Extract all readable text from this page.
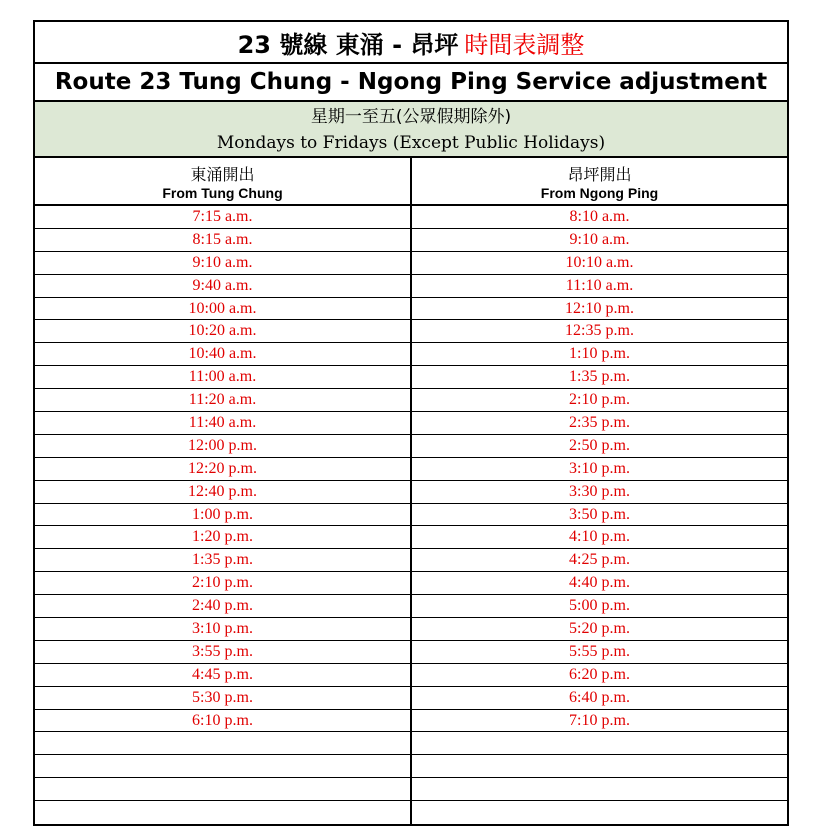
23 號線 東涌 - 昂坪 時間表調整
Route 23 Tung Chung - Ngong Ping Service adjustment
星期一至五(公眾假期除外)
Mondays to Fridays (Except Public Holidays)
東涌開出
From Tung Chung
昂坪開出
From Ngong Ping
7:15 a.m.	8:10 a.m.
8:15 a.m.	9:10 a.m.
9:10 a.m.	10:10 a.m.
9:40 a.m.	11:10 a.m.
10:00 a.m.	12:10 p.m.
10:20 a.m.	12:35 p.m.
10:40 a.m.	1:10 p.m.
11:00 a.m.	1:35 p.m.
11:20 a.m.	2:10 p.m.
11:40 a.m.	2:35 p.m.
12:00 p.m.	2:50 p.m.
12:20 p.m.	3:10 p.m.
12:40 p.m.	3:30 p.m.
1:00 p.m.	3:50 p.m.
1:20 p.m.	4:10 p.m.
1:35 p.m.	4:25 p.m.
2:10 p.m.	4:40 p.m.
2:40 p.m.	5:00 p.m.
3:10 p.m.	5:20 p.m.
3:55 p.m.	5:55 p.m.
4:45 p.m.	6:20 p.m.
5:30 p.m.	6:40 p.m.
6:10 p.m.	7:10 p.m.
